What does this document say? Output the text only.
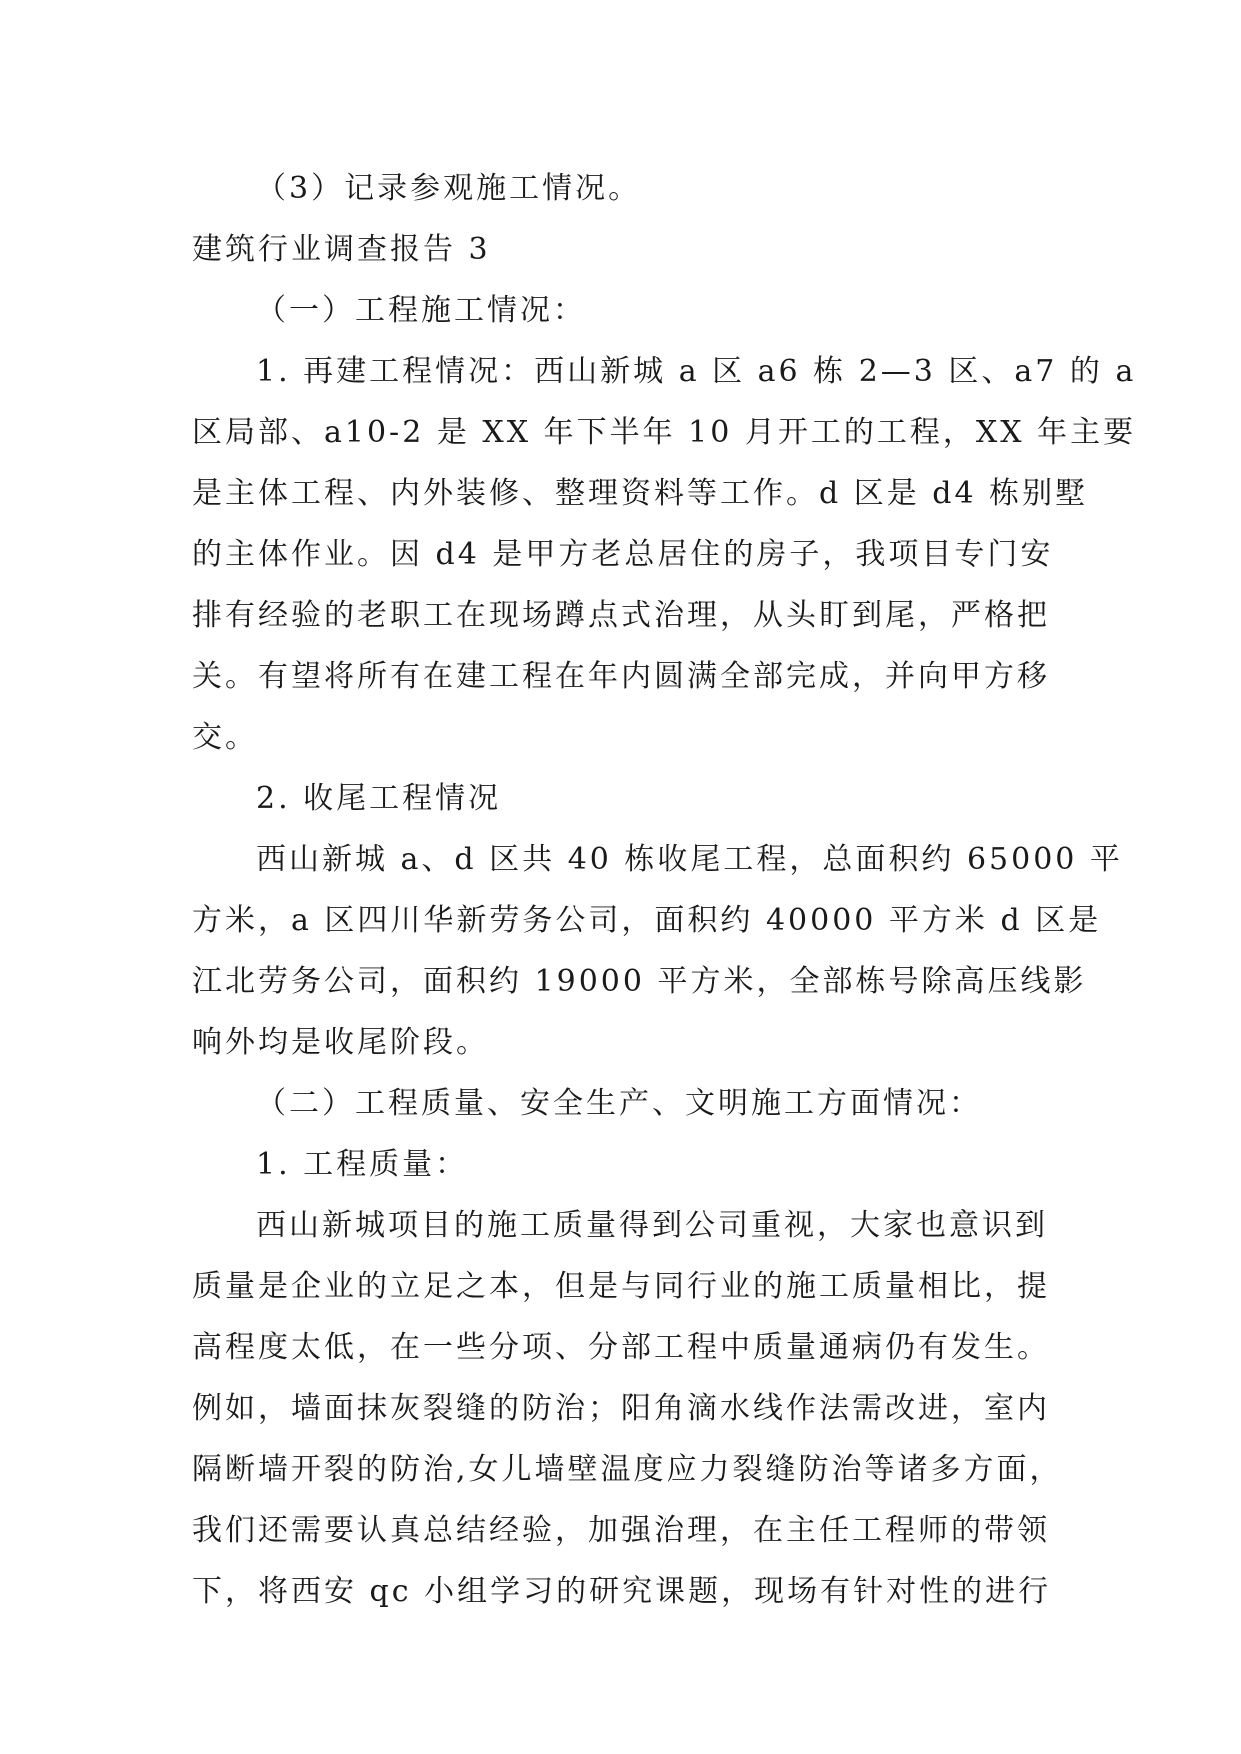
（3）记录参观施工情况。
建筑行业调查报告 3
（一）工程施工情况：
1. 再建工程情况：西山新城 a 区 a6 栋 2—3 区、a7 的 a
区局部、a10-2 是 XX 年下半年 10 月开工的工程，XX 年主要
是主体工程、内外装修、整理资料等工作。d 区是 d4 栋别墅
的主体作业。因 d4 是甲方老总居住的房子，我项目专门安
排有经验的老职工在现场蹲点式治理，从头盯到尾，严格把
关。有望将所有在建工程在年内圆满全部完成，并向甲方移
交。
2. 收尾工程情况
西山新城 a、d 区共 40 栋收尾工程，总面积约 65000 平
方米，a 区四川华新劳务公司，面积约 40000 平方米 d 区是
江北劳务公司，面积约 19000 平方米，全部栋号除高压线影
响外均是收尾阶段。
（二）工程质量、安全生产、文明施工方面情况：
1. 工程质量：
西山新城项目的施工质量得到公司重视，大家也意识到
质量是企业的立足之本，但是与同行业的施工质量相比，提
高程度太低，在一些分项、分部工程中质量通病仍有发生。
例如，墙面抹灰裂缝的防治；阳角滴水线作法需改进，室内
隔断墙开裂的防治,女儿墙壁温度应力裂缝防治等诸多方面，
我们还需要认真总结经验，加强治理，在主任工程师的带领
下，将西安 qc 小组学习的研究课题，现场有针对性的进行
